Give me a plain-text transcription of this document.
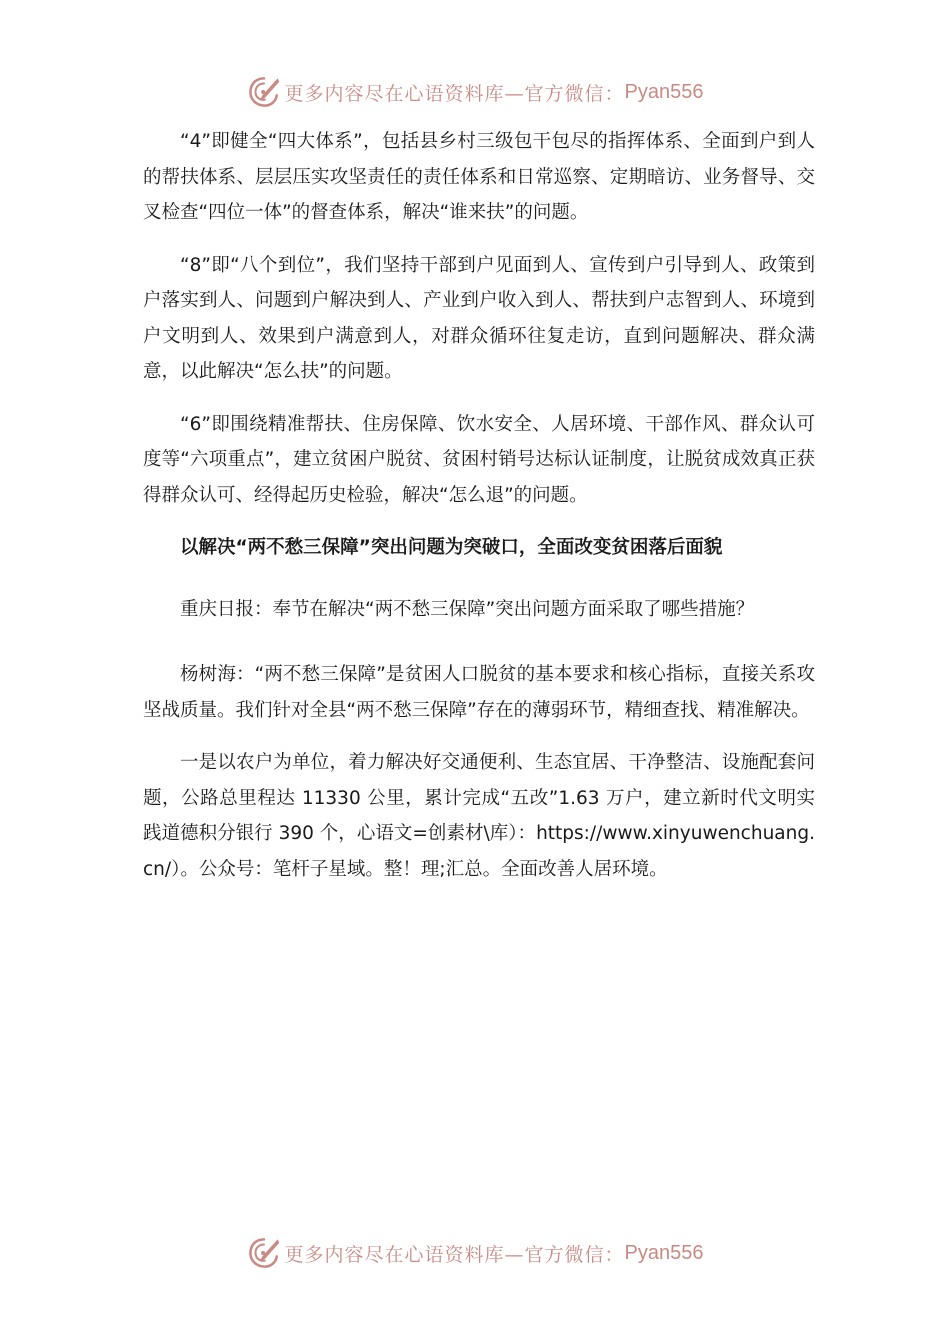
更多内容尽在心语资料库—官方微信： Pyan556

“4”即健全“四大体系”，包括县乡村三级包干包尽的指挥体系、全面到户到人的帮扶体系、层层压实攻坚责任的责任体系和日常巡察、定期暗访、业务督导、交叉检查“四位一体”的督查体系，解决“谁来扶”的问题。

“8”即“八个到位”，我们坚持干部到户见面到人、宣传到户引导到人、政策到户落实到人、问题到户解决到人、产业到户收入到人、帮扶到户志智到人、环境到户文明到人、效果到户满意到人，对群众循环往复走访，直到问题解决、群众满意，以此解决“怎么扶”的问题。

“6”即围绕精准帮扶、住房保障、饮水安全、人居环境、干部作风、群众认可度等“六项重点”，建立贫困户脱贫、贫困村销号达标认证制度，让脱贫成效真正获得群众认可、经得起历史检验，解决“怎么退”的问题。

以解决“两不愁三保障”突出问题为突破口，全面改变贫困落后面貌

重庆日报：奉节在解决“两不愁三保障”突出问题方面采取了哪些措施？

杨树海：“两不愁三保障”是贫困人口脱贫的基本要求和核心指标，直接关系攻坚战质量。我们针对全县“两不愁三保障”存在的薄弱环节，精细查找、精准解决。

一是以农户为单位，着力解决好交通便利、生态宜居、干净整洁、设施配套问题，公路总里程达 11330 公里，累计完成“五改”1.63 万户，建立新时代文明实践道德积分银行 390 个，心语文=创素材\库）：https://www.xinyuwenchuang.cn/）。公众号：笔杆子星域。整！理;汇总。全面改善人居环境。

更多内容尽在心语资料库—官方微信： Pyan556
